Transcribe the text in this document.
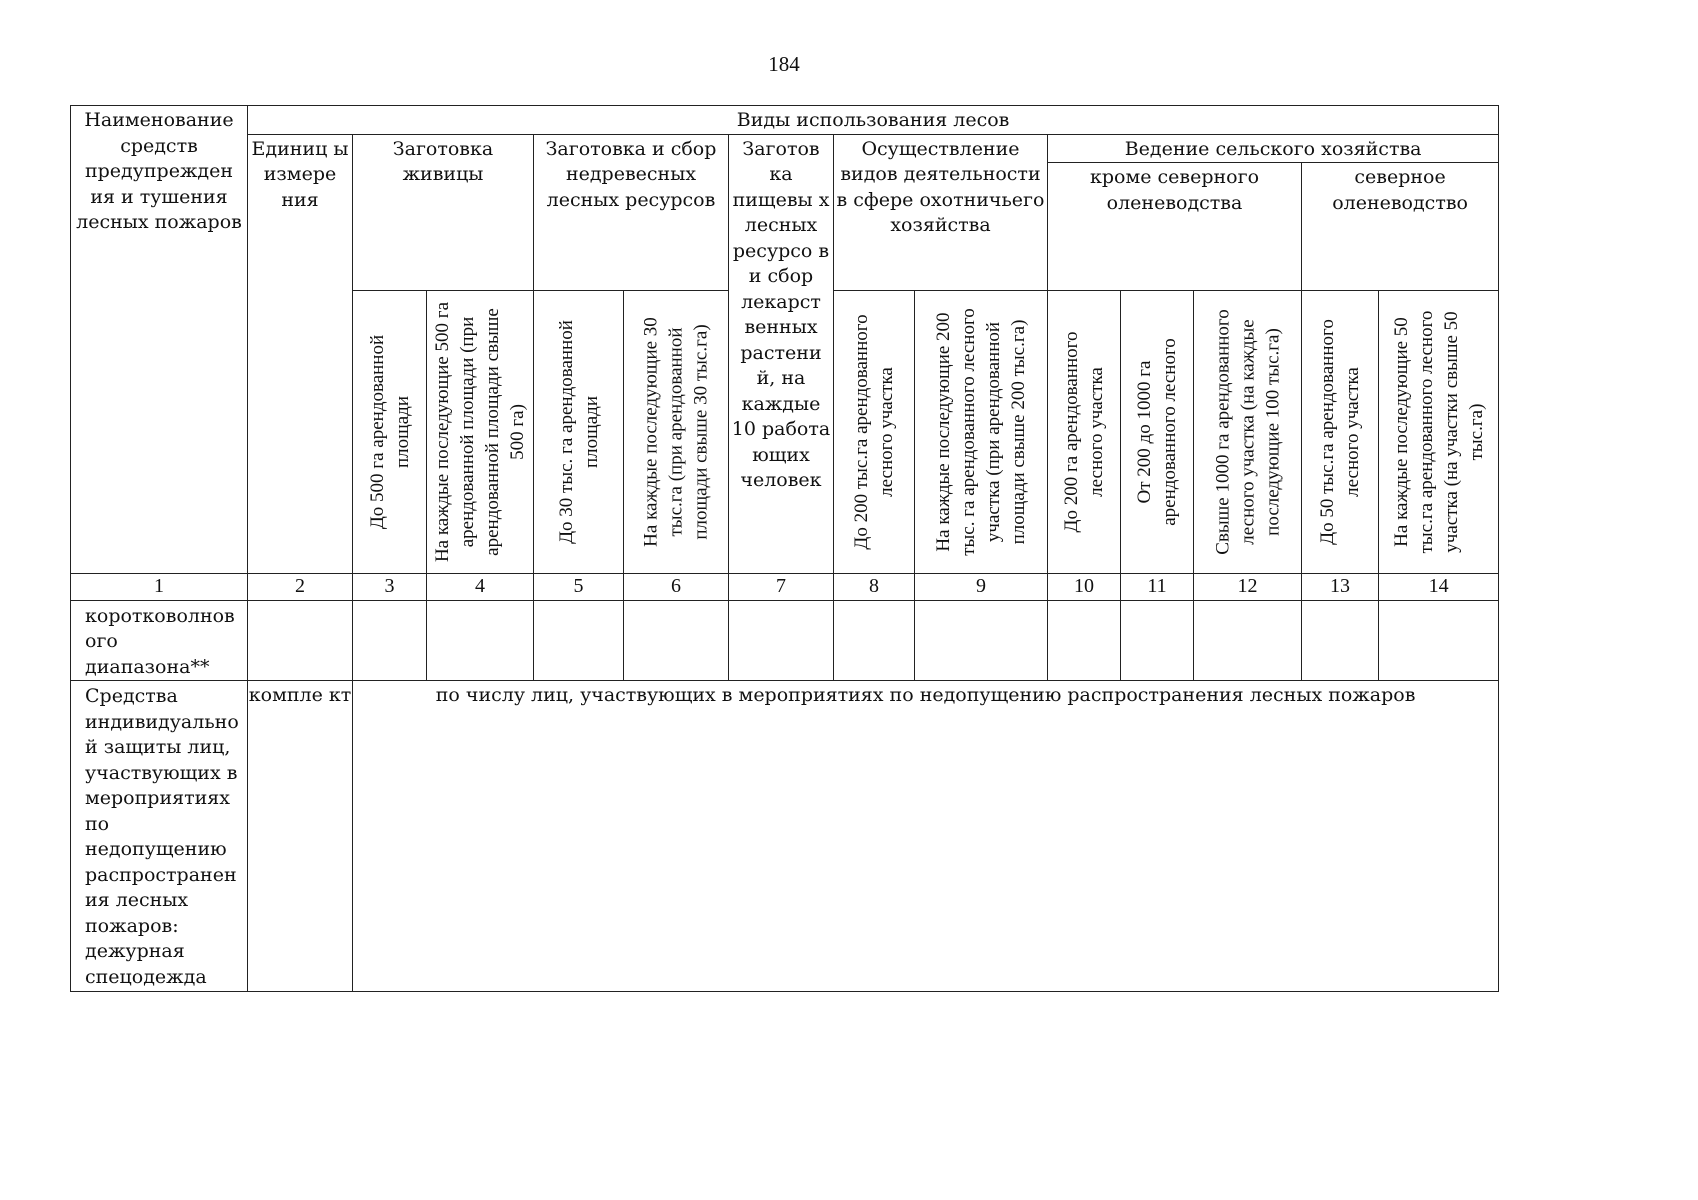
184
Наименование средств предупрежден ия и тушения лесных пожаров	Виды использования лесов												
	Единиц ы измере ния	Заготовка живицы		Заготовка и сбор недревесных лесных ресурсов		Заготов ка пищевы х лесных ресурсо в и сбор лекарст венных растени й, на каждые 10 работа ющих человек	Осуществление видов деятельности в сфере охотничьего хозяйства		Ведение сельского хозяйства				
									кроме северного оленеводства			северное оленеводство	

		До 500 га арендованной площади	На каждые последующие 500 га арендованной площади (при арендованной площади свыше 500 га)	До 30 тыс. га арендованной площади	На каждые последующие 30 тыс.га (при арендованной площади свыше 30 тыс.га)		До 200 тыс.га арендованного лесного участка	На каждые последующие 200 тыс. га арендованного лесного участка (при арендованной площади свыше 200 тыс.га)	До 200 га арендованного лесного участка	От 200 до 1000 га арендованного лесного	Свыше 1000 га арендованного лесного участка (на каждые последующие 100 тыс.га)	До 50 тыс.га арендованного лесного участка	На каждые последующие 50 тыс.га арендованного лесного участка (на участки свыше 50 тыс.га)

1	2	3	4	5	6	7	8	9	10	11	12	13	14
коротковолнов ого диапазона**													
Средства индивидуально й защиты лиц, участвующих в мероприятиях по недопущению распространен ия лесных пожаров: дежурная спецодежда	компле кт	по числу лиц, участвующих в мероприятиях по недопущению распространения лесных пожаров											
